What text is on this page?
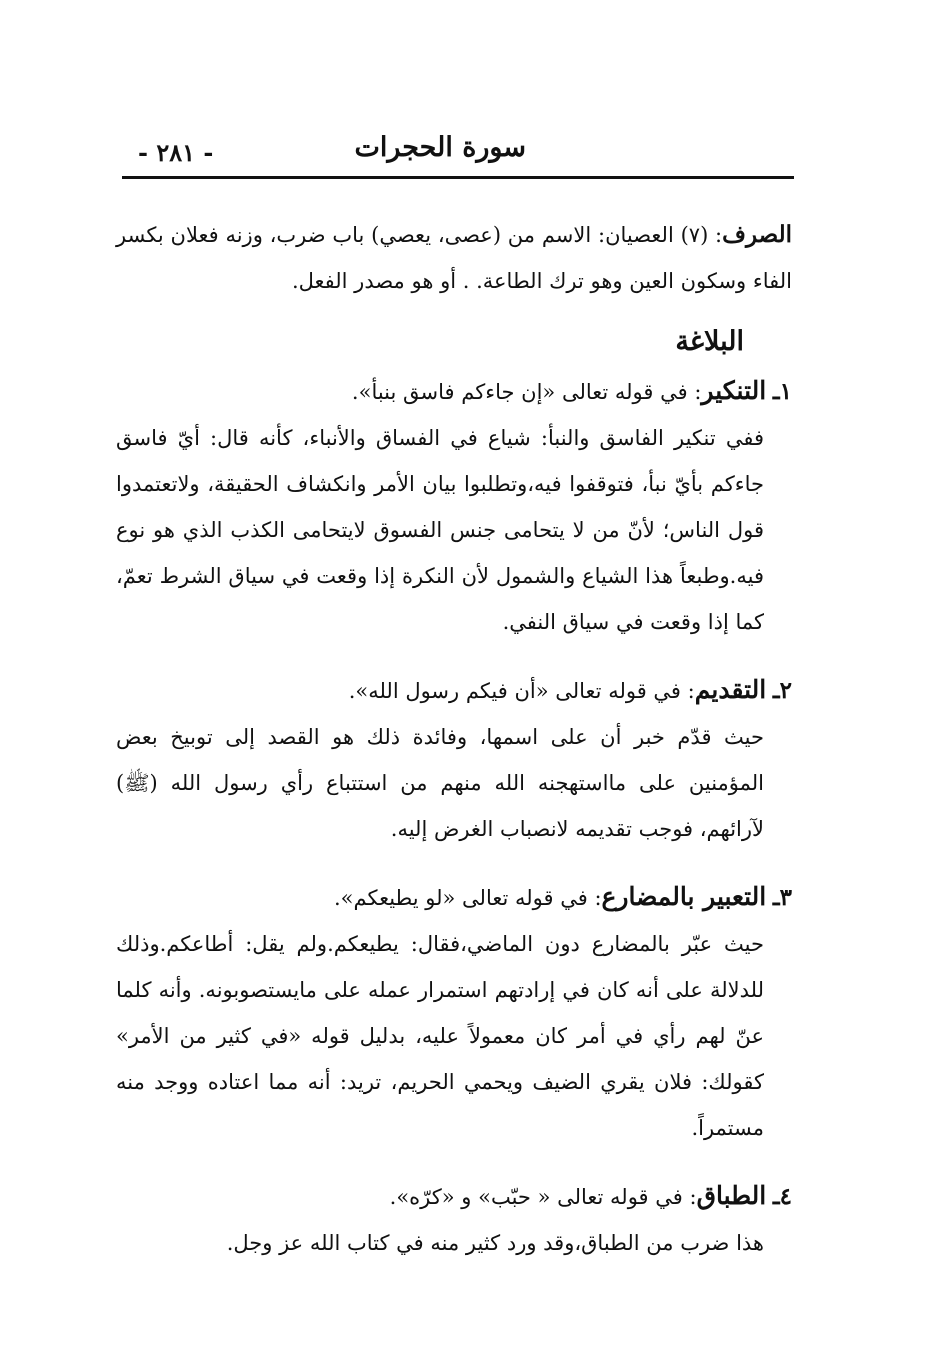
سورة الحجرات
- ٢٨١ -

الصرف: (٧) العصيان: الاسم من (عصى، يعصي) باب ضرب، وزنه فعلان بكسر الفاء وسكون العين وهو ترك الطاعة. . أو هو مصدر الفعل.

البلاغة

١ـ التنكير: في قوله تعالى «إن جاءكم فاسق بنبأ».

ففي تنكير الفاسق والنبأ: شياع في الفساق والأنباء، كأنه قال: أيّ فاسق جاءكم بأيّ نبأ، فتوقفوا فيه،وتطلبوا بيان الأمر وانكشاف الحقيقة، ولاتعتمدوا قول الناس؛ لأنّ من لا يتحامى جنس الفسوق لايتحامى الكذب الذي هو نوع فيه.وطبعاً هذا الشياع والشمول لأن النكرة إذا وقعت في سياق الشرط تعمّ، كما إذا وقعت في سياق النفي.

٢ـ التقديم: في قوله تعالى «أن فيكم رسول الله».

حيث قدّم خبر أن على اسمها، وفائدة ذلك هو القصد إلى توبيخ بعض المؤمنين على مااستهجنه الله منهم من استتباع رأي رسول الله (ﷺ) لآرائهم، فوجب تقديمه لانصباب الغرض إليه.

٣ـ التعبير بالمضارع: في قوله تعالى «لو يطيعكم».

حيث عبّر بالمضارع دون الماضي،فقال: يطيعكم.ولم يقل: أطاعكم.وذلك للدلالة على أنه كان في إرادتهم استمرار عمله على مايستصوبونه. وأنه كلما عنّ لهم رأي في أمر كان معمولاً عليه، بدليل قوله «في كثير من الأمر» كقولك: فلان يقري الضيف ويحمي الحريم، تريد: أنه مما اعتاده ووجد منه مستمراً.

٤ـ الطباق: في قوله تعالى « حبّب» و «كرّه».

هذا ضرب من الطباق،وقد ورد كثير منه في كتاب الله عز وجل.
